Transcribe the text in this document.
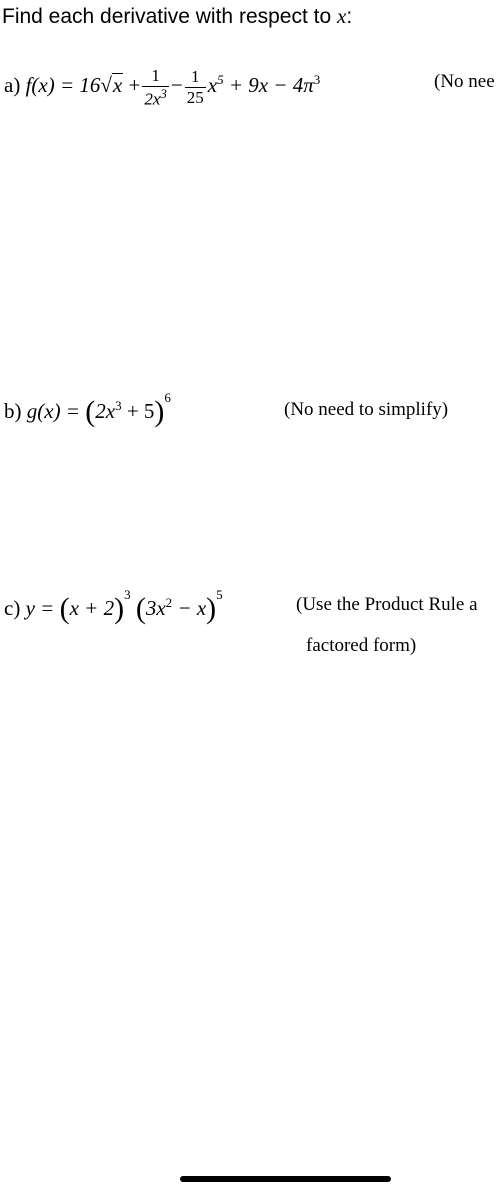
Find each derivative with respect to x:
a) $f(x) = 16√x + \frac{1}{2x^3} - \frac{1}{25} x^5 + 9x - 4\pi^3$	(No nee
b) $g(x) = (2x^3 + 5)^6$
(No need to simplify)
c) $y = (x + 2)^3$ $(3x^2 - x)^5$	(Use the Product Rule a
factored form)
